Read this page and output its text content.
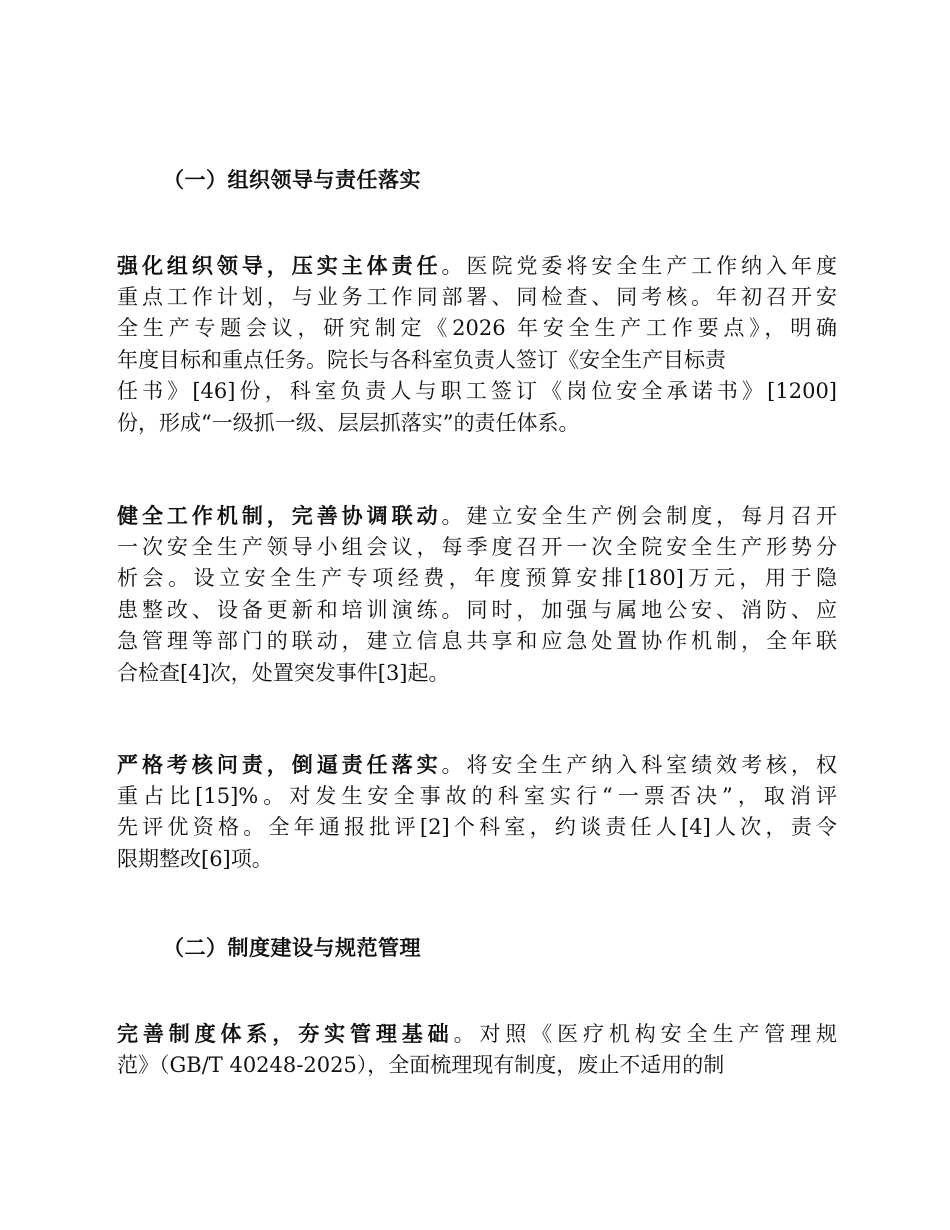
（一）组织领导与责任落实
强化组织领导，压实主体责任。医院党委将安全生产工作纳入年度
重点工作计划，与业务工作同部署、同检查、同考核。年初召开安
全生产专题会议，研究制定《2026 年安全生产工作要点》，明确
年度目标和重点任务。院长与各科室负责人签订《安全生产目标责
任书》[46]份，科室负责人与职工签订《岗位安全承诺书》[1200]
份，形成“一级抓一级、层层抓落实”的责任体系。
健全工作机制，完善协调联动。建立安全生产例会制度，每月召开
一次安全生产领导小组会议，每季度召开一次全院安全生产形势分
析会。设立安全生产专项经费，年度预算安排[180]万元，用于隐
患整改、设备更新和培训演练。同时，加强与属地公安、消防、应
急管理等部门的联动，建立信息共享和应急处置协作机制，全年联
合检查[4]次，处置突发事件[3]起。
严格考核问责，倒逼责任落实。将安全生产纳入科室绩效考核，权
重占比[15]%。对发生安全事故的科室实行“一票否决”，取消评
先评优资格。全年通报批评[2]个科室，约谈责任人[4]人次，责令
限期整改[6]项。
（二）制度建设与规范管理
完善制度体系，夯实管理基础。对照《医疗机构安全生产管理规
范》（GB/T 40248-2025），全面梳理现有制度，废止不适用的制
